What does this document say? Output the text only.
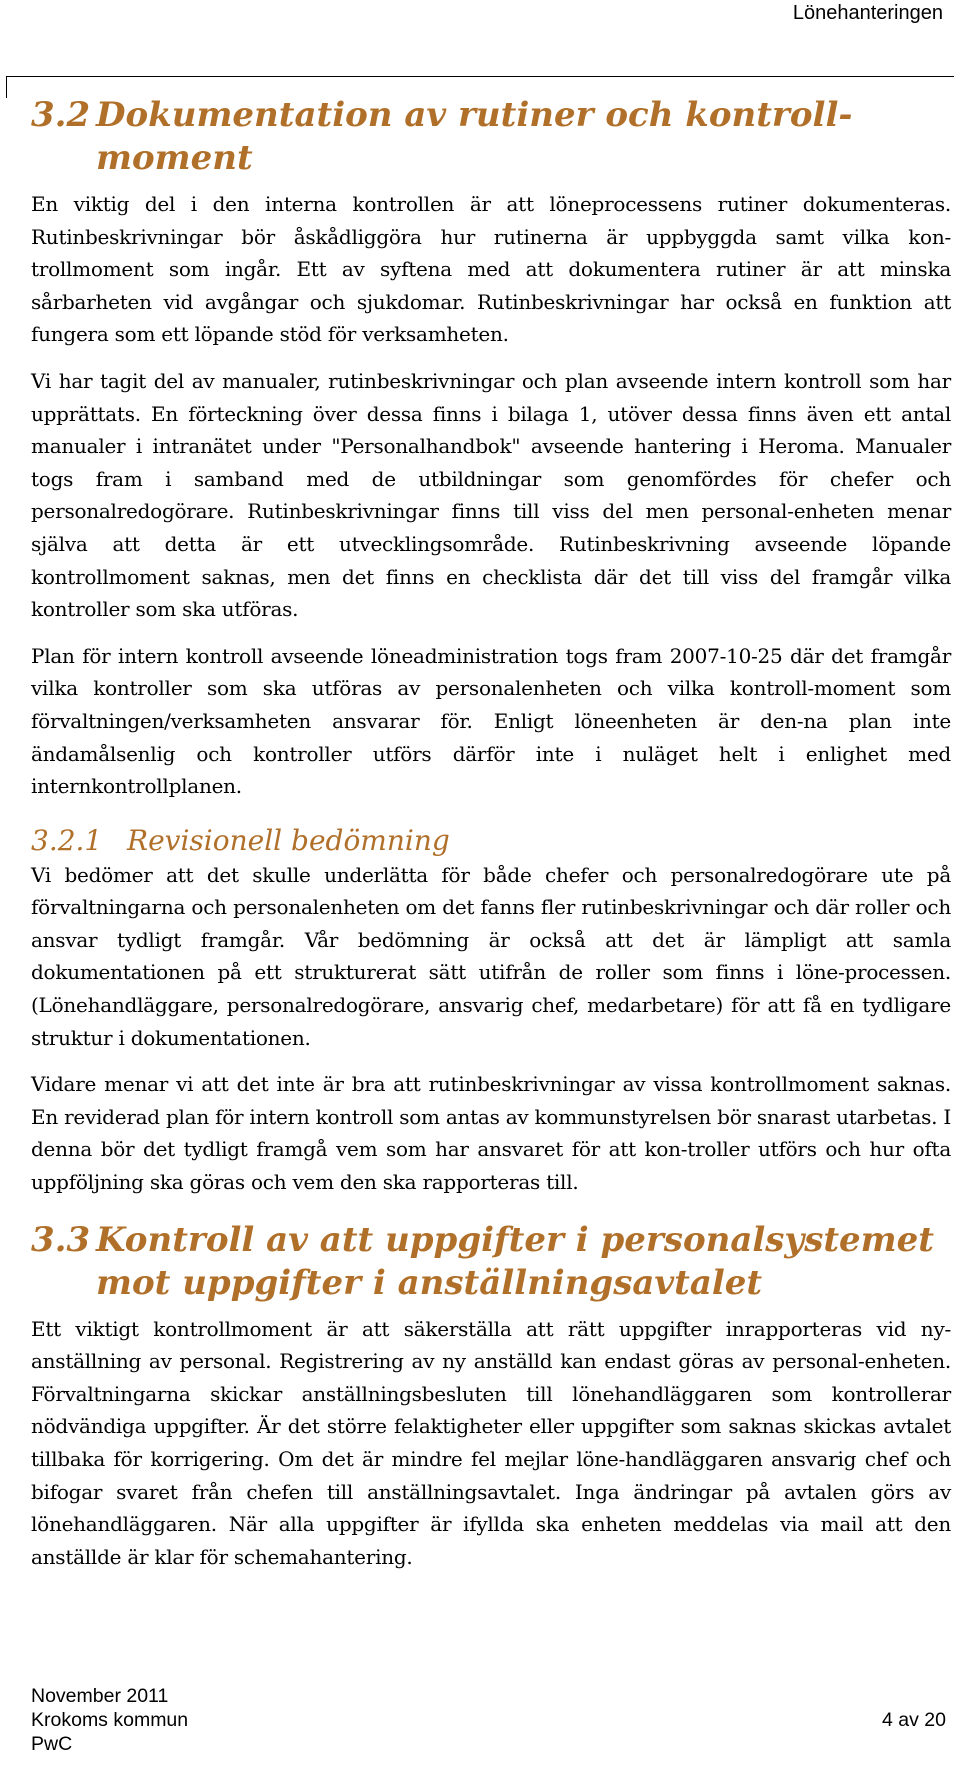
Lönehanteringen
3.2 Dokumentation av rutiner och kontroll-moment

En viktig del i den interna kontrollen är att löneprocessens rutiner dokumenteras. Rutinbeskrivningar bör åskådliggöra hur rutinerna är uppbyggda samt vilka kon-trollmoment som ingår. Ett av syftena med att dokumentera rutiner är att minska sårbarheten vid avgångar och sjukdomar. Rutinbeskrivningar har också en funktion att fungera som ett löpande stöd för verksamheten.

Vi har tagit del av manualer, rutinbeskrivningar och plan avseende intern kontroll som har upprättats. En förteckning över dessa finns i bilaga 1, utöver dessa finns även ett antal manualer i intranätet under "Personalhandbok" avseende hantering i Heroma. Manualer togs fram i samband med de utbildningar som genomfördes för chefer och personalredogörare. Rutinbeskrivningar finns till viss del men personal-enheten menar själva att detta är ett utvecklingsområde. Rutinbeskrivning avseende löpande kontrollmoment saknas, men det finns en checklista där det till viss del framgår vilka kontroller som ska utföras.

Plan för intern kontroll avseende löneadministration togs fram 2007-10-25 där det framgår vilka kontroller som ska utföras av personalenheten och vilka kontroll-moment som förvaltningen/verksamheten ansvarar för. Enligt löneenheten är den-na plan inte ändamålsenlig och kontroller utförs därför inte i nuläget helt i enlighet med internkontrollplanen.

3.2.1 Revisionell bedömning

Vi bedömer att det skulle underlätta för både chefer och personalredogörare ute på förvaltningarna och personalenheten om det fanns fler rutinbeskrivningar och där roller och ansvar tydligt framgår. Vår bedömning är också att det är lämpligt att samla dokumentationen på ett strukturerat sätt utifrån de roller som finns i löne-processen. (Lönehandläggare, personalredogörare, ansvarig chef, medarbetare) för att få en tydligare struktur i dokumentationen.

Vidare menar vi att det inte är bra att rutinbeskrivningar av vissa kontrollmoment saknas. En reviderad plan för intern kontroll som antas av kommunstyrelsen bör snarast utarbetas. I denna bör det tydligt framgå vem som har ansvaret för att kon-troller utförs och hur ofta uppföljning ska göras och vem den ska rapporteras till.

3.3 Kontroll av att uppgifter i personalsystemet mot uppgifter i anställningsavtalet

Ett viktigt kontrollmoment är att säkerställa att rätt uppgifter inrapporteras vid ny-anställning av personal. Registrering av ny anställd kan endast göras av personal-enheten. Förvaltningarna skickar anställningsbesluten till lönehandläggaren som kontrollerar nödvändiga uppgifter. Är det större felaktigheter eller uppgifter som saknas skickas avtalet tillbaka för korrigering. Om det är mindre fel mejlar löne-handläggaren ansvarig chef och bifogar svaret från chefen till anställningsavtalet. Inga ändringar på avtalen görs av lönehandläggaren. När alla uppgifter är ifyllda ska enheten meddelas via mail att den anställde är klar för schemahantering.

November 2011
Krokoms kommun	4 av 20
PwC
